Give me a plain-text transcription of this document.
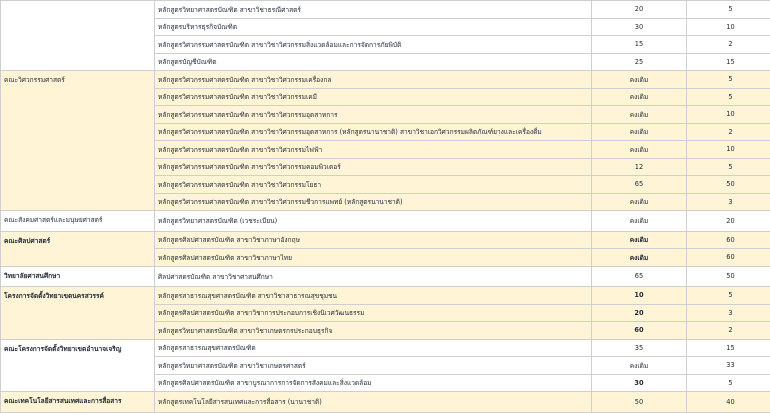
	หลักสูตรวิทยาศาสตรบัณฑิต สาขาวิชาธรณีศาสตร์	20	5	
	หลักสูตรบริหารธุรกิจบัณฑิต	30	10	
	หลักสูตรวิศวกรรมศาสตรบัณฑิต สาขาวิชาวิศวกรรมสิ่งแวดล้อมและการจัดการภัยพิบัติ	15	2	
	หลักสูตรบัญชีบัณฑิต	25	15	
คณะวิศวกรรมศาสตร์	หลักสูตรวิศวกรรมศาสตรบัณฑิต สาขาวิชาวิศวกรรมเครื่องกล	คงเดิม	5	
	หลักสูตรวิศวกรรมศาสตรบัณฑิต สาขาวิชาวิศวกรรมเคมี	คงเดิม	5	
	หลักสูตรวิศวกรรมศาสตรบัณฑิต สาขาวิชาวิศวกรรมอุตสาหการ	คงเดิม	10	
	หลักสูตรวิศวกรรมศาสตรบัณฑิต สาขาวิชาวิศวกรรมอุตสาหการ (หลักสูตรนานาชาติ) สาขาวิชาเอกวิศวกรรมผลิตภัณฑ์ยางและเครื่องดื่ม	คงเดิม	2	
	หลักสูตรวิศวกรรมศาสตรบัณฑิต สาขาวิชาวิศวกรรมไฟฟ้า	คงเดิม	10	
	หลักสูตรวิศวกรรมศาสตรบัณฑิต สาขาวิชาวิศวกรรมคอมพิวเตอร์	12	5	
	หลักสูตรวิศวกรรมศาสตรบัณฑิต สาขาวิชาวิศวกรรมโยธา	65	50	
	หลักสูตรวิศวกรรมศาสตรบัณฑิต สาขาวิชาวิศวกรรมชีวการแพทย์ (หลักสูตรนานาชาติ)	คงเดิม	3	
คณะสังคมศาสตร์และมนุษยศาสตร์	หลักสูตรวิทยาศาสตรบัณฑิต (เวชระเบียน)	คงเดิม	20	
คณะศิลปศาสตร์	หลักสูตรศิลปศาสตรบัณฑิต สาขาวิชาภาษาอังกฤษ	คงเดิม	60	
	หลักสูตรศิลปศาสตรบัณฑิต สาขาวิชาภาษาไทย	คงเดิม	60	
วิทยาลัยศาสนศึกษา	ศิลปศาสตรบัณฑิต สาขาวิชาศาสนศึกษา	65	50	
โครงการจัดตั้งวิทยาเขตนครสวรรค์	หลักสูตรสาธารณสุขศาสตรบัณฑิต สาขาวิชาสาธารณสุขชุมชน	10	5	
	หลักสูตรศิลปศาสตรบัณฑิต สาขาวิชาการประกอบการเชิงนิเวศวัฒนธรรม	20	3	
	หลักสูตรวิทยาศาสตรบัณฑิต สาขาวิชาเกษตรกรประกอบธุรกิจ	60	2	
คณะโครงการจัดตั้งวิทยาเขตอำนาจเจริญ	หลักสูตรสาธารณสุขศาสตรบัณฑิต	35	15	
	หลักสูตรวิทยาศาสตรบัณฑิต สาขาวิชาเกษตรศาสตร์	คงเดิม	33	
	หลักสูตรศิลปศาสตรบัณฑิต สาขาบูรณาการการจัดการสังคมและสิ่งแวดล้อม	30	5	
คณะเทคโนโลยีสารสนเทศและการสื่อสาร	หลักสูตรเทคโนโลยีสารสนเทศและการสื่อสาร (นานาชาติ)	50	40	
